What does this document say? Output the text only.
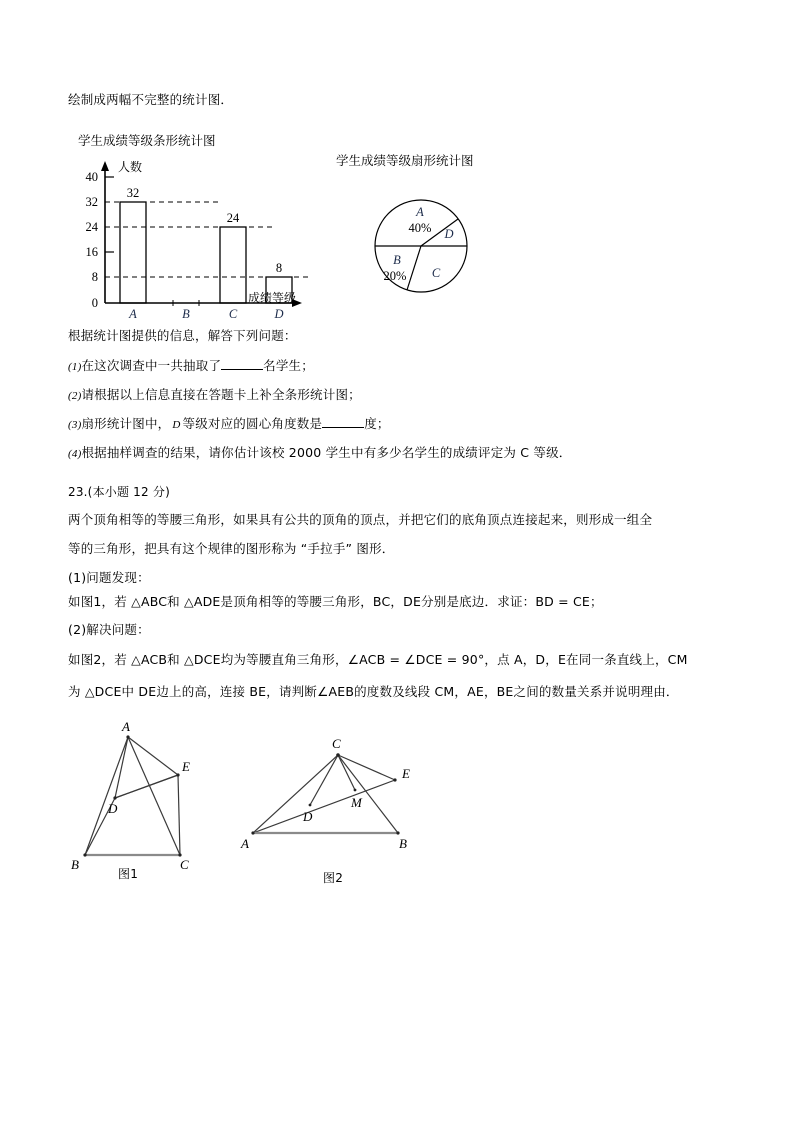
绘制成两幅不完整的统计图．
学生成绩等级条形统计图
学生成绩等级扇形统计图
0
8
16
24
32
40
人数
32
24
8
A	B	C	D
成绩等级
A
40%
B
20% C
D
根据统计图提供的信息，解答下列问题：
(1)在这次调查中一共抽取了	名学生；
(2)请根据以上信息直接在答题卡上补全条形统计图；
(3)扇形统计图中， D 等级对应的圆心角度数是	度；
(4)根据抽样调查的结果，请你估计该校 2000 学生中有多少名学生的成绩评定为 C 等级．
23.(本小题 12 分)
两个顶角相等的等腰三角形，如果具有公共的顶角的顶点，并把它们的底角顶点连接起来，则形成一组全
等的三角形，把具有这个规律的图形称为 “手拉手” 图形．
(1)问题发现：
如图1，若 △ABC和 △ADE是顶角相等的等腰三角形，BC，DE分别是底边．求证：BD = CE；
(2)解决问题：
如图2，若 △ACB和 △DCE均为等腰直角三角形，∠ACB = ∠DCE = 90°，点 A，D，E在同一条直线上，CM
为 △DCE中 DE边上的高，连接 BE，请判断∠AEB的度数及线段 CM，AE，BE之间的数量关系并说明理由．
A
E
D
B	C
图1
C
E
M
D
A	B
图2
